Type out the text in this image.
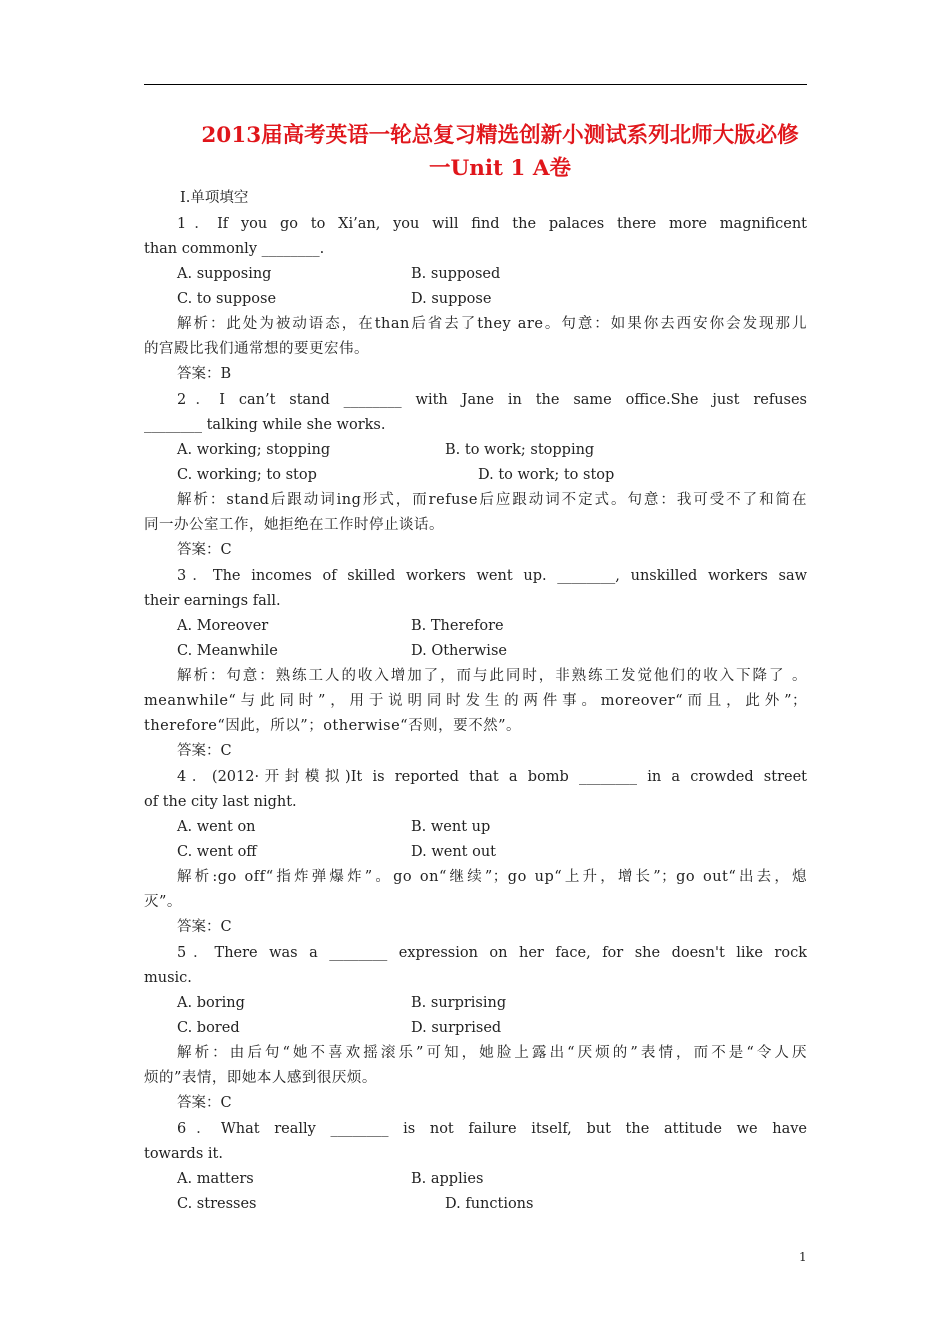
2013届高考英语一轮总复习精选创新小测试系列北师大版必修
一Unit 1 A卷

Ⅰ.单项填空

1．If you go to Xi’an, you will find the palaces there more magnificent

than commonly ________.

A. supposing	B. supposed
C. to suppose	D. suppose

解析：此处为被动语态，在than后省去了they are。句意：如果你去西安你会发现那儿

的宫殿比我们通常想的要更宏伟。

答案：B

2．I can’t stand ________ with Jane in the same office.She just refuses

________ talking while she works.

A. working; stopping	B. to work; stopping
C. working; to stop	D. to work; to stop

解析：stand后跟动词ing形式，而refuse后应跟动词不定式。句意：我可受不了和简在

同一办公室工作，她拒绝在工作时停止谈话。

答案：C

3．The incomes of skilled workers went up. ________, unskilled workers saw

their earnings fall.

A. Moreover	B. Therefore
C. Meanwhile	D. Otherwise

解析：句意：熟练工人的收入增加了，而与此同时，非熟练工发觉他们的收入下降了 。

meanwhile“与此同时”，用于说明同时发生的两件事。moreover“而且，此外”；

therefore“因此，所以”；otherwise“否则，要不然”。

答案：C

4．(2012·开封模拟)It is reported that a bomb ________ in a crowded street

of the city last night.

A. went on	B. went up
C. went off	D. went out

解析:go off“指炸弹爆炸”。go on“继续”；go up“上升，增长”；go out“出去，熄

灭”。

答案：C

5．There was a ________ expression on her face, for she doesn't like rock

music.

A. boring	B. surprising
C. bored	D. surprised

解析：由后句“她不喜欢摇滚乐”可知，她脸上露出“厌烦的”表情，而不是“令人厌

烦的”表情，即她本人感到很厌烦。

答案：C

6．What really ________ is not failure itself, but the attitude we have

towards it.

A. matters	B. applies
C. stresses	D. functions
1
